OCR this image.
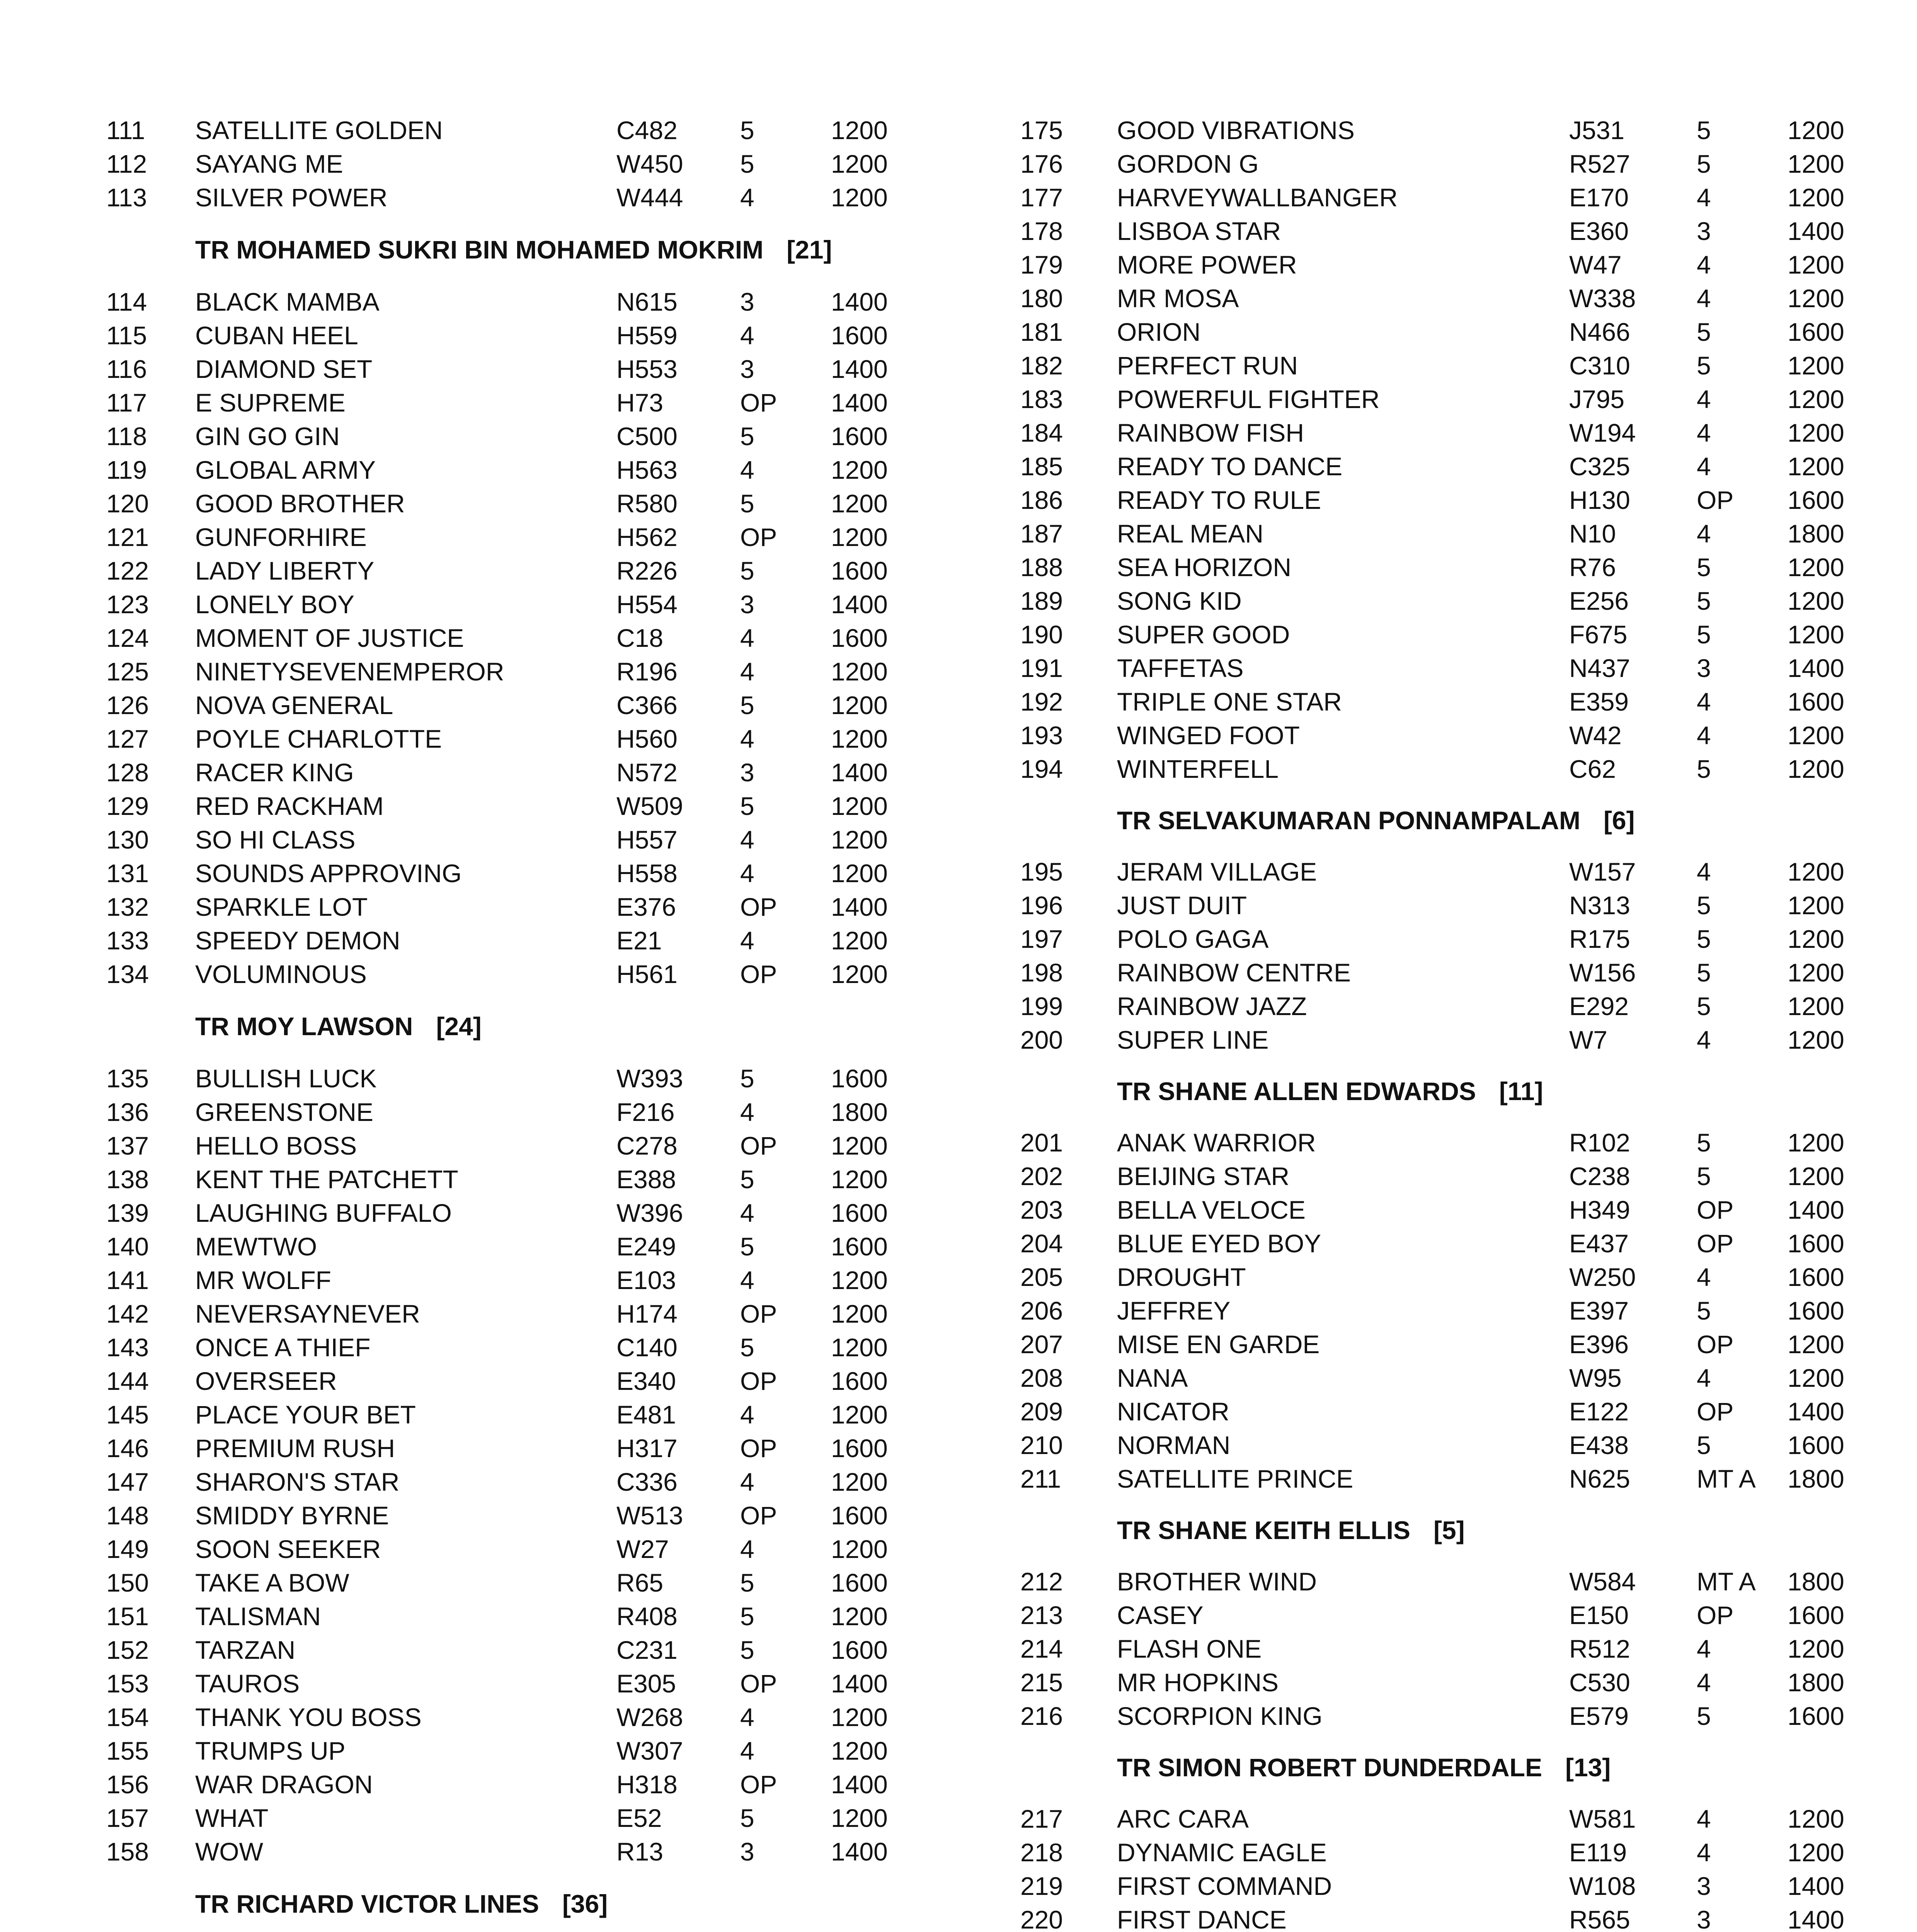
111	SATELLITE GOLDEN	C482	5	1200
112	SAYANG ME	W450	5	1200
113	SILVER POWER	W444	4	1200
TR MOHAMED SUKRI BIN MOHAMED MOKRIM [21]
114	BLACK MAMBA	N615	3	1400
115	CUBAN HEEL	H559	4	1600
116	DIAMOND SET	H553	3	1400
117	E SUPREME	H73	OP	1400
118	GIN GO GIN	C500	5	1600
119	GLOBAL ARMY	H563	4	1200
120	GOOD BROTHER	R580	5	1200
121	GUNFORHIRE	H562	OP	1200
122	LADY LIBERTY	R226	5	1600
123	LONELY BOY	H554	3	1400
124	MOMENT OF JUSTICE	C18	4	1600
125	NINETYSEVENEMPEROR	R196	4	1200
126	NOVA GENERAL	C366	5	1200
127	POYLE CHARLOTTE	H560	4	1200
128	RACER KING	N572	3	1400
129	RED RACKHAM	W509	5	1200
130	SO HI CLASS	H557	4	1200
131	SOUNDS APPROVING	H558	4	1200
132	SPARKLE LOT	E376	OP	1400
133	SPEEDY DEMON	E21	4	1200
134	VOLUMINOUS	H561	OP	1200
TR MOY LAWSON [24]
135	BULLISH LUCK	W393	5	1600
136	GREENSTONE	F216	4	1800
137	HELLO BOSS	C278	OP	1200
138	KENT THE PATCHETT	E388	5	1200
139	LAUGHING BUFFALO	W396	4	1600
140	MEWTWO	E249	5	1600
141	MR WOLFF	E103	4	1200
142	NEVERSAYNEVER	H174	OP	1200
143	ONCE A THIEF	C140	5	1200
144	OVERSEER	E340	OP	1600
145	PLACE YOUR BET	E481	4	1200
146	PREMIUM RUSH	H317	OP	1600
147	SHARON'S STAR	C336	4	1200
148	SMIDDY BYRNE	W513	OP	1600
149	SOON SEEKER	W27	4	1200
150	TAKE A BOW	R65	5	1600
151	TALISMAN	R408	5	1200
152	TARZAN	C231	5	1600
153	TAUROS	E305	OP	1400
154	THANK YOU BOSS	W268	4	1200
155	TRUMPS UP	W307	4	1200
156	WAR DRAGON	H318	OP	1400
157	WHAT	E52	5	1200
158	WOW	R13	3	1400
TR RICHARD VICTOR LINES [36]
175	GOOD VIBRATIONS	J531	5	1200
176	GORDON G	R527	5	1200
177	HARVEYWALLBANGER	E170	4	1200
178	LISBOA STAR	E360	3	1400
179	MORE POWER	W47	4	1200
180	MR MOSA	W338	4	1200
181	ORION	N466	5	1600
182	PERFECT RUN	C310	5	1200
183	POWERFUL FIGHTER	J795	4	1200
184	RAINBOW FISH	W194	4	1200
185	READY TO DANCE	C325	4	1200
186	READY TO RULE	H130	OP	1600
187	REAL MEAN	N10	4	1800
188	SEA HORIZON	R76	5	1200
189	SONG KID	E256	5	1200
190	SUPER GOOD	F675	5	1200
191	TAFFETAS	N437	3	1400
192	TRIPLE ONE STAR	E359	4	1600
193	WINGED FOOT	W42	4	1200
194	WINTERFELL	C62	5	1200
TR SELVAKUMARAN PONNAMPALAM [6]
195	JERAM VILLAGE	W157	4	1200
196	JUST DUIT	N313	5	1200
197	POLO GAGA	R175	5	1200
198	RAINBOW CENTRE	W156	5	1200
199	RAINBOW JAZZ	E292	5	1200
200	SUPER LINE	W7	4	1200
TR SHANE ALLEN EDWARDS [11]
201	ANAK WARRIOR	R102	5	1200
202	BEIJING STAR	C238	5	1200
203	BELLA VELOCE	H349	OP	1400
204	BLUE EYED BOY	E437	OP	1600
205	DROUGHT	W250	4	1600
206	JEFFREY	E397	5	1600
207	MISE EN GARDE	E396	OP	1200
208	NANA	W95	4	1200
209	NICATOR	E122	OP	1400
210	NORMAN	E438	5	1600
211	SATELLITE PRINCE	N625	MT A	1800
TR SHANE KEITH ELLIS [5]
212	BROTHER WIND	W584	MT A	1800
213	CASEY	E150	OP	1600
214	FLASH ONE	R512	4	1200
215	MR HOPKINS	C530	4	1800
216	SCORPION KING	E579	5	1600
TR SIMON ROBERT DUNDERDALE [13]
217	ARC CARA	W581	4	1200
218	DYNAMIC EAGLE	E119	4	1200
219	FIRST COMMAND	W108	3	1400
220	FIRST DANCE	R565	3	1400
